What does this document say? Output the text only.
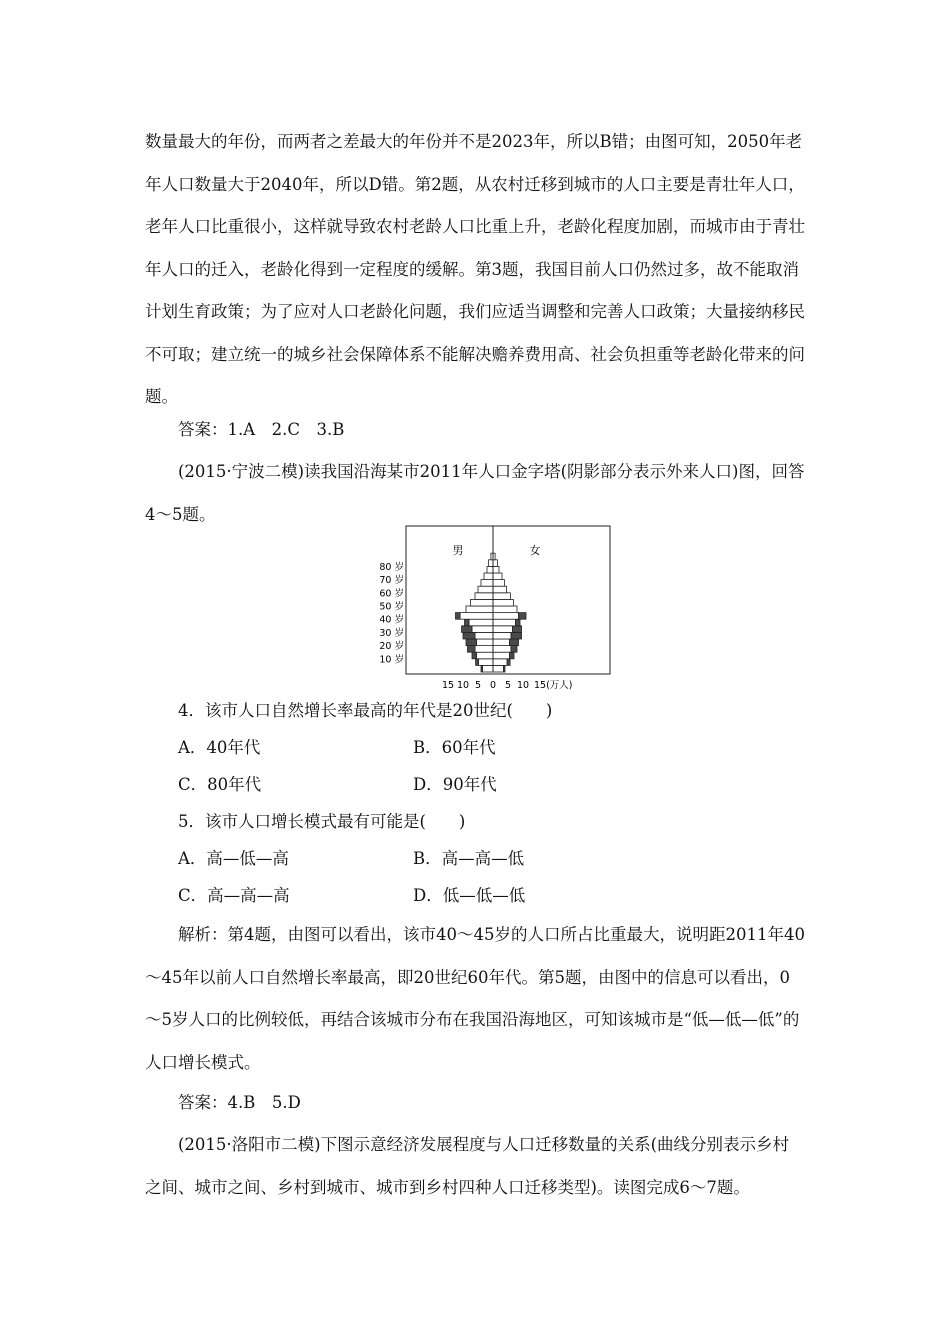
数量最大的年份，而两者之差最大的年份并不是2023年，所以B错；由图可知，2050年老年人口数量大于2040年，所以D错。第2题，从农村迁移到城市的人口主要是青壮年人口，老年人口比重很小，这样就导致农村老龄人口比重上升，老龄化程度加剧，而城市由于青壮年人口的迁入，老龄化得到一定程度的缓解。第3题，我国目前人口仍然过多，故不能取消计划生育政策；为了应对人口老龄化问题，我们应适当调整和完善人口政策；大量接纳移民不可取；建立统一的城乡社会保障体系不能解决赡养费用高、社会负担重等老龄化带来的问题。

答案：1.A　2.C　3.B

(2015·宁波二模)读我国沿海某市2011年人口金字塔(阴影部分表示外来人口)图，回答4～5题。

男	女
10 岁
20 岁
30 岁
40 岁
50 岁
60 岁
70 岁
80 岁
15 10 5 0 5 10 15(万人)
4．该市人口自然增长率最高的年代是20世纪(　　)
A．40年代	B．60年代
C．80年代	D．90年代
5．该市人口增长模式最有可能是(　　)
A．高—低—高	B．高—高—低
C．高—高—高	D．低—低—低

解析：第4题，由图可以看出，该市40～45岁的人口所占比重最大，说明距2011年40～45年以前人口自然增长率最高，即20世纪60年代。第5题，由图中的信息可以看出，0～5岁人口的比例较低，再结合该城市分布在我国沿海地区，可知该城市是“低—低—低”的人口增长模式。

答案：4.B　5.D

(2015·洛阳市二模)下图示意经济发展程度与人口迁移数量的关系(曲线分别表示乡村之间、城市之间、乡村到城市、城市到乡村四种人口迁移类型)。读图完成6～7题。
